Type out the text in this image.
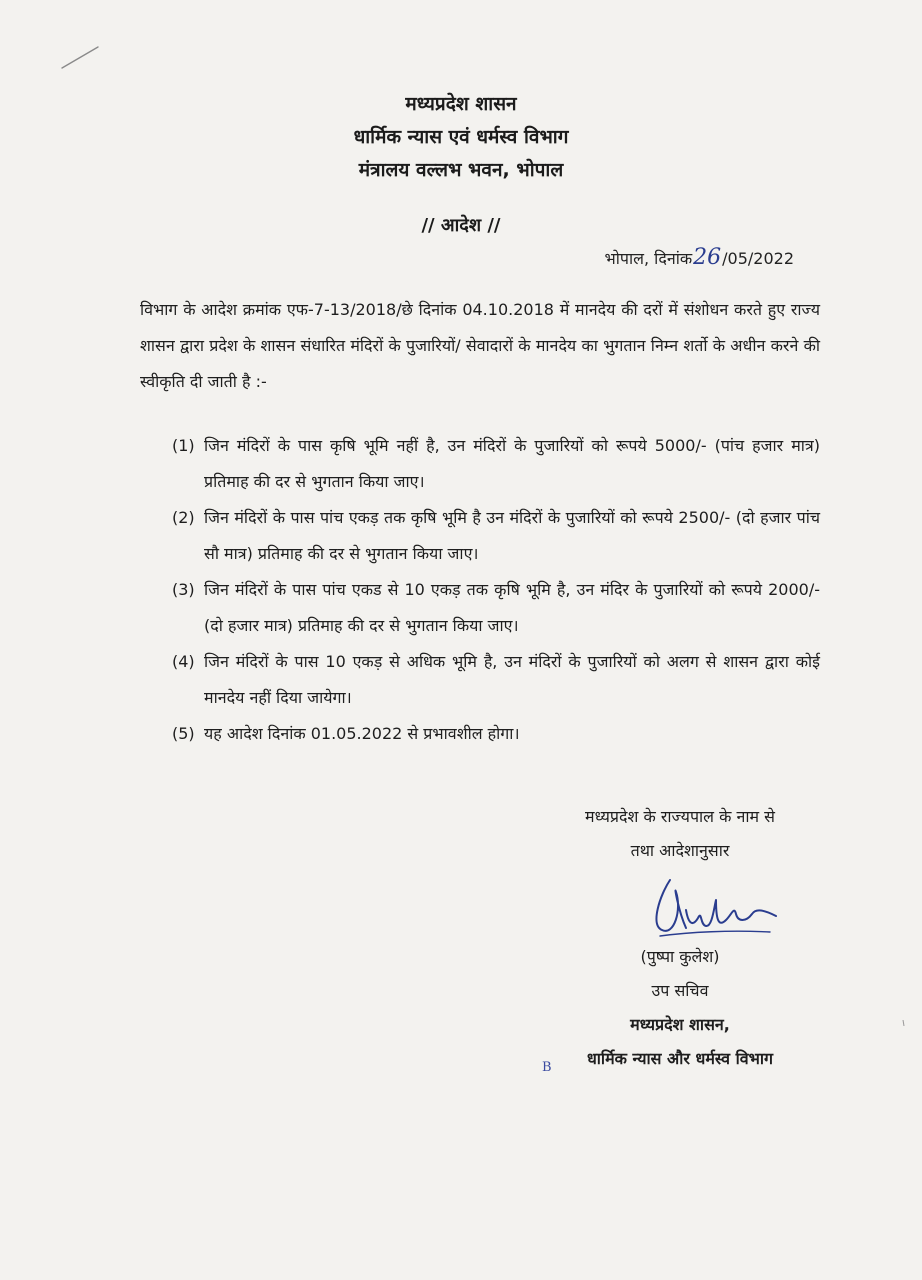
मध्यप्रदेश शासन
धार्मिक न्यास एवं धर्मस्व विभाग
मंत्रालय वल्लभ भवन, भोपाल
// आदेश //
भोपाल, दिनांक26/05/2022
विभाग के आदेश क्रमांक एफ-7-13/2018/छे दिनांक 04.10.2018 में मानदेय की दरों में संशोधन करते हुए राज्य शासन द्वारा प्रदेश के शासन संधारित मंदिरों के पुजारियों/ सेवादारों के मानदेय का भुगतान निम्न शर्तो के अधीन करने की स्वीकृति दी जाती है :-
(1) जिन मंदिरों के पास कृषि भूमि नहीं है, उन मंदिरों के पुजारियों को रूपये 5000/- (पांच हजार मात्र) प्रतिमाह की दर से भुगतान किया जाए।
(2) जिन मंदिरों के पास पांच एकड़ तक कृषि भूमि है उन मंदिरों के पुजारियों को रूपये 2500/- (दो हजार पांच सौ मात्र) प्रतिमाह की दर से भुगतान किया जाए।
(3) जिन मंदिरों के पास पांच एकड से 10 एकड़ तक कृषि भूमि है, उन मंदिर के पुजारियों को रूपये 2000/- (दो हजार मात्र) प्रतिमाह की दर से भुगतान किया जाए।
(4) जिन मंदिरों के पास 10 एकड़ से अधिक भूमि है, उन मंदिरों के पुजारियों को अलग से शासन द्वारा कोई मानदेय नहीं दिया जायेगा।
(5) यह आदेश दिनांक 01.05.2022 से प्रभावशील होगा।
मध्यप्रदेश के राज्यपाल के नाम से
तथा आदेशानुसार
(पुष्पा कुलेश)
उप सचिव
मध्यप्रदेश शासन,
धार्मिक न्यास और धर्मस्व विभाग
B
